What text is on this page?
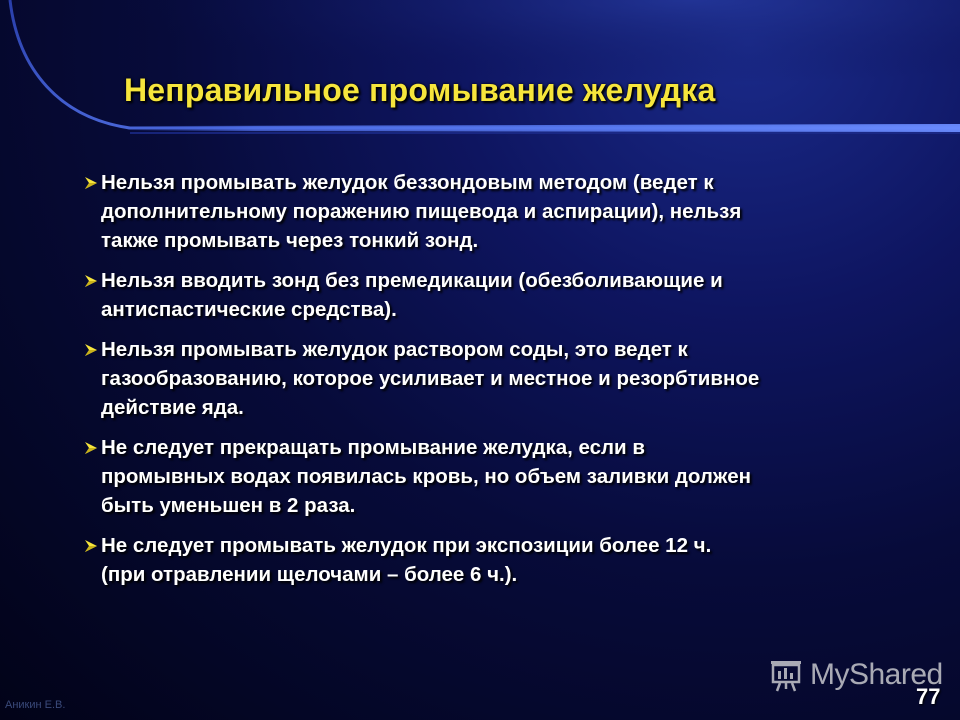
Неправильное промывание желудка
Нельзя промывать желудок беззондовым методом (ведет к
дополнительному поражению пищевода и аспирации), нельзя
также промывать через тонкий зонд.
Нельзя вводить зонд без премедикации (обезболивающие и
антиспастические средства).
Нельзя промывать желудок раствором соды, это ведет к
газообразованию, которое усиливает и местное и резорбтивное
действие яда.
Не следует прекращать промывание желудка, если в
промывных водах появилась кровь, но объем заливки должен
быть уменьшен в 2 раза.
Не следует промывать желудок при экспозиции более 12 ч.
(при отравлении щелочами – более 6 ч.).
Аникин Е.В.
MyShared
77
